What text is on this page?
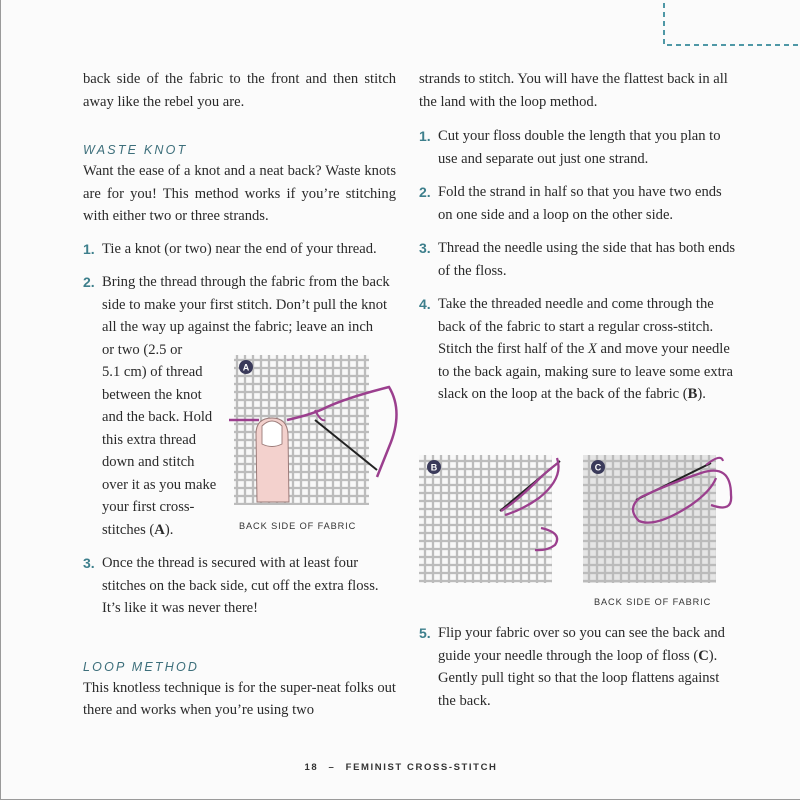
back side of the fabric to the front and then stitch away like the rebel you are.

WASTE KNOT

Want the ease of a knot and a neat back? Waste knots are for you! This method works if you’re stitching with either two or three strands.

1. Tie a knot (or two) near the end of your thread.
2. Bring the thread through the fabric from the back side to make your first stitch. Don’t pull the knot all the way up against the fabric; leave an inch
or two (2.5 or
5.1 cm) of thread
between the knot
and the back. Hold
this extra thread
down and stitch
over it as you make
your first cross-
stitches (A).
3. Once the thread is secured with at least four stitches on the back side, cut off the extra floss. It’s like it was never there!
LOOP METHOD

This knotless technique is for the super-neat folks out there and works when you’re using two

A
BACK SIDE OF FABRIC

strands to stitch. You will have the flattest back in all the land with the loop method.

1. Cut your floss double the length that you plan to use and separate out just one strand.
2. Fold the strand in half so that you have two ends on one side and a loop on the other side.
3. Thread the needle using the side that has both ends of the floss.
4. Take the threaded needle and come through the back of the fabric to start a regular cross-stitch. Stitch the first half of the X and move your needle to the back again, making sure to leave some extra slack on the loop at the back of the fabric (B).
B	C
BACK SIDE OF FABRIC
5. Flip your fabric over so you can see the back and guide your needle through the loop of floss (C). Gently pull tight so that the loop flattens against the back.
18 – FEMINIST CROSS-STITCH
